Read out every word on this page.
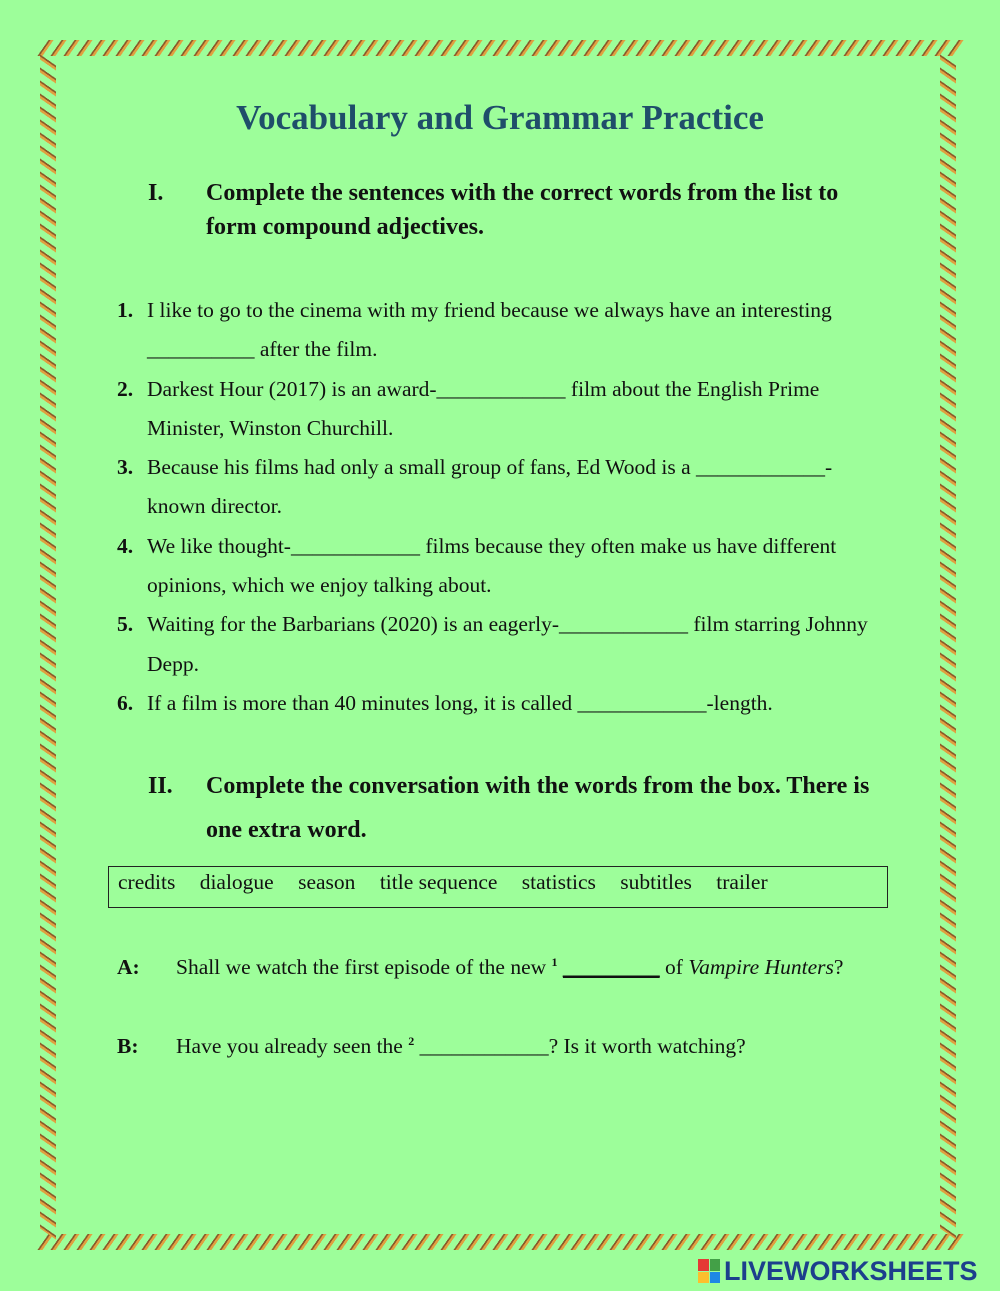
Vocabulary and Grammar Practice
I. Complete the sentences with the correct words from the list to form compound adjectives.
1. I like to go to the cinema with my friend because we always have an interesting __________ after the film.
2. Darkest Hour (2017) is an award-____________ film about the English Prime Minister, Winston Churchill.
3. Because his films had only a small group of fans, Ed Wood is a ____________-known director.
4. We like thought-____________ films because they often make us have different opinions, which we enjoy talking about.
5. Waiting for the Barbarians (2020) is an eagerly-____________ film starring Johnny Depp.
6. If a film is more than 40 minutes long, it is called ____________-length.
II. Complete the conversation with the words from the box. There is one extra word.
credits dialogue season title sequence statistics subtitles trailer
A: Shall we watch the first episode of the new $^1$ _________ of Vampire Hunters?
B: Have you already seen the $^2$ ____________? Is it worth watching?
LIVEWORKSHEETS
